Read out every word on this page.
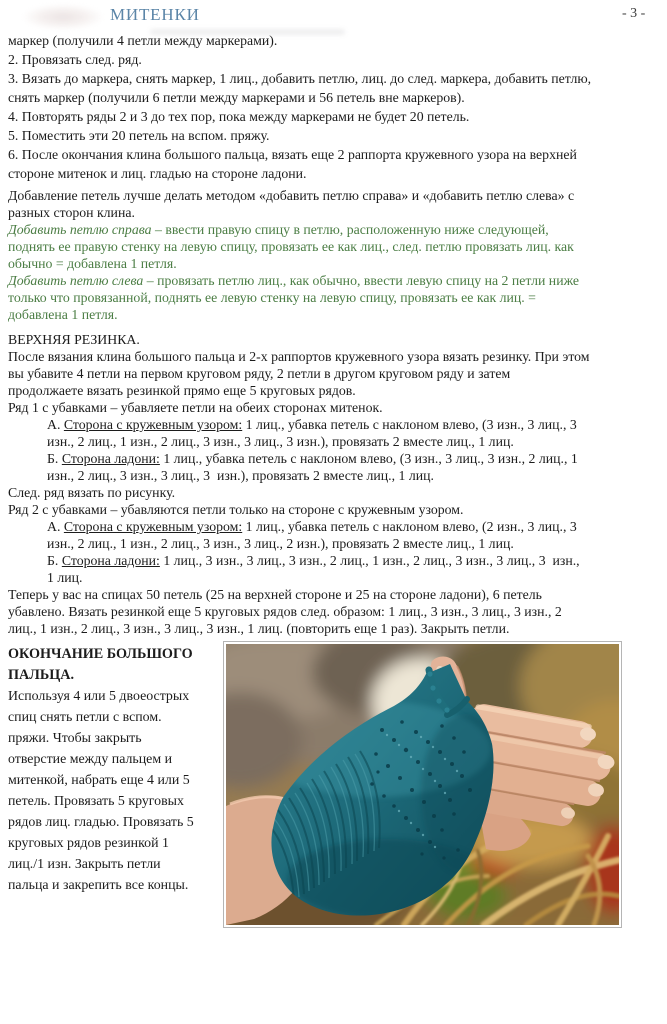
МИТЕНКИ	- 3 -
маркер (получили 4 петли между маркерами).
2. Провязать след. ряд.
3. Вязать до маркера, снять маркер, 1 лиц., добавить петлю, лиц. до след. маркера, добавить петлю,
снять маркер (получили 6 петли между маркерами и 56 петель вне маркеров).
4. Повторять ряды 2 и 3 до тех пор, пока между маркерами не будет 20 петель.
5. Поместить эти 20 петель на вспом. пряжу.
6. После окончания клина большого пальца, вязать еще 2 раппорта кружевного узора на верхней
стороне митенок и лиц. гладью на стороне ладони.
Добавление петель лучше делать методом «добавить петлю справа» и «добавить петлю слева» с
разных сторон клина.
Добавить петлю справа – ввести правую спицу в петлю, расположенную ниже следующей,
поднять ее правую стенку на левую спицу, провязать ее как лиц., след. петлю провязать лиц. как
обычно = добавлена 1 петля.
Добавить петлю слева – провязать петлю лиц., как обычно, ввести левую спицу на 2 петли ниже
только что провязанной, поднять ее левую стенку на левую спицу, провязать ее как лиц. =
добавлена 1 петля.
ВЕРХНЯЯ РЕЗИНКА.
После вязания клина большого пальца и 2-х раппортов кружевного узора вязать резинку. При этом
вы убавите 4 петли на первом круговом ряду, 2 петли в другом круговом ряду и затем
продолжаете вязать резинкой прямо еще 5 круговых рядов.
Ряд 1 с убавками – убавляете петли на обеих сторонах митенок.
А. Сторона с кружевным узором: 1 лиц., убавка петель с наклоном влево, (3 изн., 3 лиц., 3
изн., 2 лиц., 1 изн., 2 лиц., 3 изн., 3 лиц., 3 изн.), провязать 2 вместе лиц., 1 лиц.
Б. Сторона ладони: 1 лиц., убавка петель с наклоном влево, (3 изн., 3 лиц., 3 изн., 2 лиц., 1
изн., 2 лиц., 3 изн., 3 лиц., 3  изн.), провязать 2 вместе лиц., 1 лиц.
След. ряд вязать по рисунку.
Ряд 2 с убавками – убавляются петли только на стороне с кружевным узором.
А. Сторона с кружевным узором: 1 лиц., убавка петель с наклоном влево, (2 изн., 3 лиц., 3
изн., 2 лиц., 1 изн., 2 лиц., 3 изн., 3 лиц., 2 изн.), провязать 2 вместе лиц., 1 лиц.
Б. Сторона ладони: 1 лиц., 3 изн., 3 лиц., 3 изн., 2 лиц., 1 изн., 2 лиц., 3 изн., 3 лиц., 3  изн.,
1 лиц.
Теперь у вас на спицах 50 петель (25 на верхней стороне и 25 на стороне ладони), 6 петель
убавлено. Вязать резинкой еще 5 круговых рядов след. образом: 1 лиц., 3 изн., 3 лиц., 3 изн., 2
лиц., 1 изн., 2 лиц., 3 изн., 3 лиц., 3 изн., 1 лиц. (повторить еще 1 раз). Закрыть петли.
ОКОНЧАНИЕ БОЛЬШОГО
ПАЛЬЦА.
Используя 4 или 5 двоеострых
спиц снять петли с вспом.
пряжи. Чтобы закрыть
отверстие между пальцем и
митенкой, набрать еще 4 или 5
петель. Провязать 5 круговых
рядов лиц. гладью. Провязать 5
круговых рядов резинкой 1
лиц./1 изн. Закрыть петли
пальца и закрепить все концы.
